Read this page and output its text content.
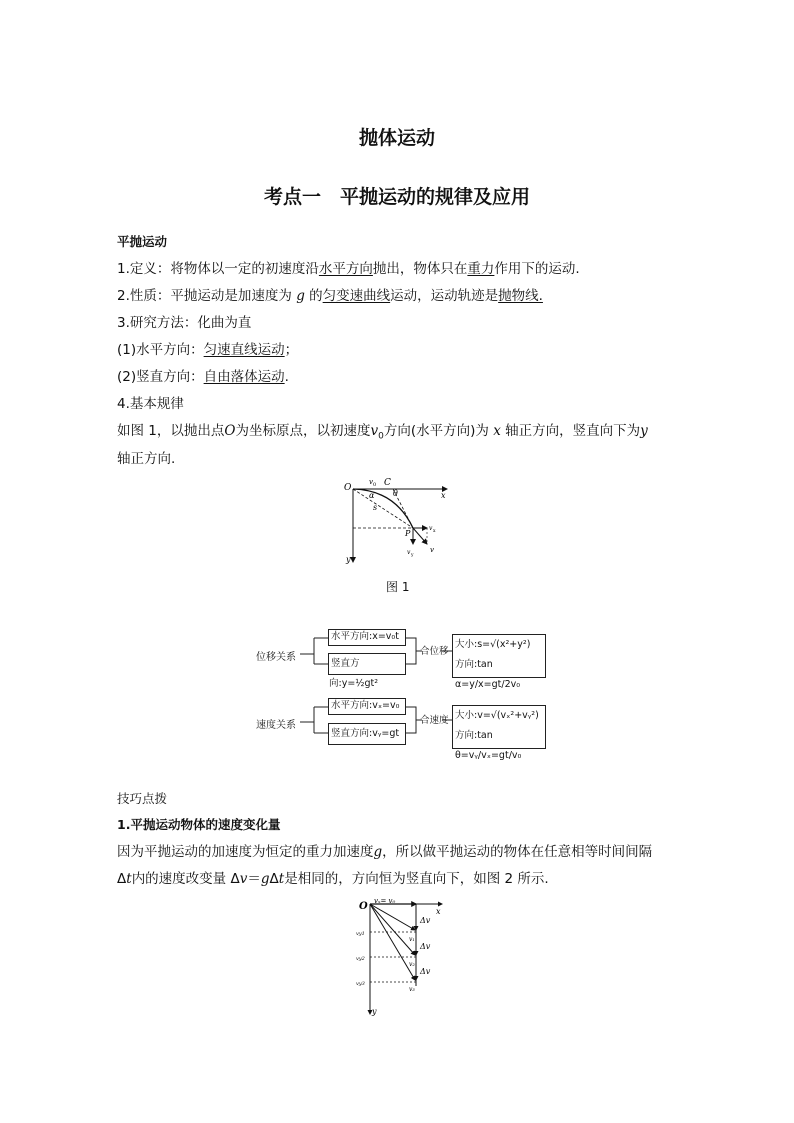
抛体运动
考点一　平抛运动的规律及应用
平抛运动
1.定义：将物体以一定的初速度沿水平方向抛出，物体只在重力作用下的运动.
2.性质：平抛运动是加速度为 g 的匀变速曲线运动，运动轨迹是抛物线.
3.研究方法：化曲为直
(1)水平方向：匀速直线运动；
(2)竖直方向：自由落体运动.
4.基本规律
如图 1，以抛出点O为坐标原点，以初速度$v_0$方向(水平方向)为 x 轴正方向，竖直向下为y
轴正方向.
O
v 0 C
x
α θ
s
P
v x
v y
v
y
图 1
位移关系
速度关系
水平方向:x=v₀t
竖直方向:y=½gt²
合位移
大小:s=√(x²+y²)
方向:tan α=y/x=gt/2v₀
水平方向:vₓ=v₀
竖直方向:vᵧ=gt
合速度 大小:v=√(vₓ²+vᵧ²)
方向:tan θ=vᵧ/vₓ=gt/v₀
技巧点拨
1.平抛运动物体的速度变化量
因为平抛运动的加速度为恒定的重力加速度g，所以做平抛运动的物体在任意相等时间间隔
Δt内的速度改变量 Δv＝gΔt是相同的，方向恒为竖直向下，如图 2 所示.
O vₓ= v₀
x
y
vy1
vy2
vy3
v₁
v₂
v₃
Δv
Δv
Δv
